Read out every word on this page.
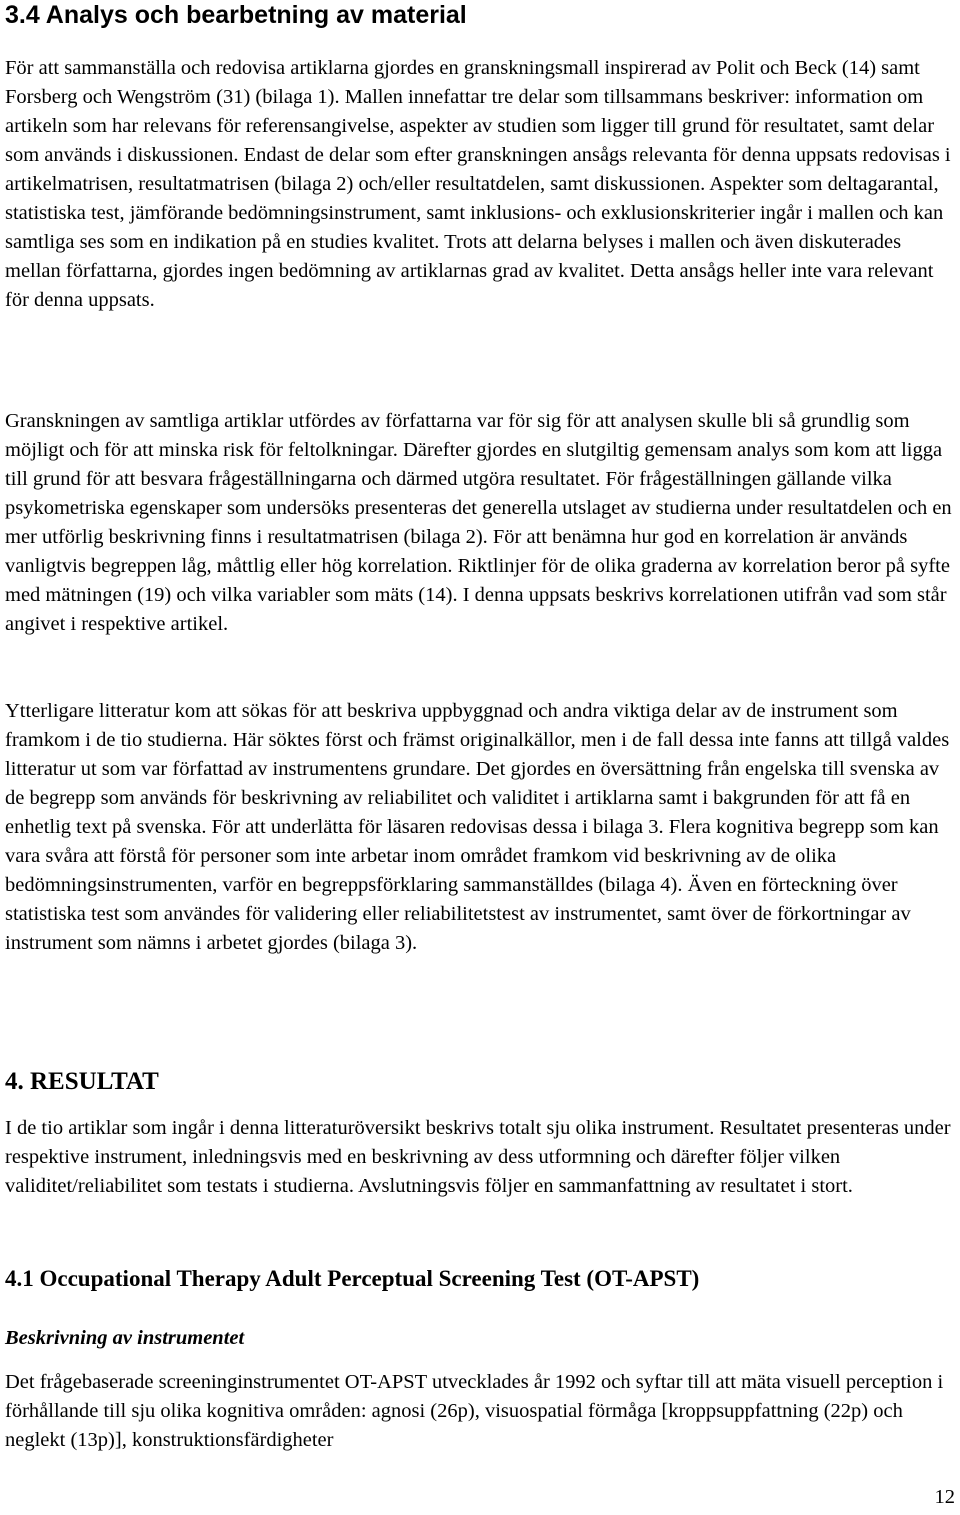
3.4 Analys och bearbetning av material

För att sammanställa och redovisa artiklarna gjordes en granskningsmall inspirerad av Polit och Beck (14) samt Forsberg och Wengström (31) (bilaga 1). Mallen innefattar tre delar som tillsammans beskriver: information om artikeln som har relevans för referensangivelse, aspekter av studien som ligger till grund för resultatet, samt delar som används i diskussionen. Endast de delar som efter granskningen ansågs relevanta för denna uppsats redovisas i artikelmatrisen, resultatmatrisen (bilaga 2) och/eller resultatdelen, samt diskussionen. Aspekter som deltagarantal, statistiska test, jämförande bedömningsinstrument, samt inklusions- och exklusionskriterier ingår i mallen och kan samtliga ses som en indikation på en studies kvalitet. Trots att delarna belyses i mallen och även diskuterades mellan författarna, gjordes ingen bedömning av artiklarnas grad av kvalitet. Detta ansågs heller inte vara relevant för denna uppsats.

Granskningen av samtliga artiklar utfördes av författarna var för sig för att analysen skulle bli så grundlig som möjligt och för att minska risk för feltolkningar. Därefter gjordes en slutgiltig gemensam analys som kom att ligga till grund för att besvara frågeställningarna och därmed utgöra resultatet. För frågeställningen gällande vilka psykometriska egenskaper som undersöks presenteras det generella utslaget av studierna under resultatdelen och en mer utförlig beskrivning finns i resultatmatrisen (bilaga 2). För att benämna hur god en korrelation är används vanligtvis begreppen låg, måttlig eller hög korrelation. Riktlinjer för de olika graderna av korrelation beror på syfte med mätningen (19) och vilka variabler som mäts (14). I denna uppsats beskrivs korrelationen utifrån vad som står angivet i respektive artikel.

Ytterligare litteratur kom att sökas för att beskriva uppbyggnad och andra viktiga delar av de instrument som framkom i de tio studierna. Här söktes först och främst originalkällor, men i de fall dessa inte fanns att tillgå valdes litteratur ut som var författad av instrumentens grundare. Det gjordes en översättning från engelska till svenska av de begrepp som används för beskrivning av reliabilitet och validitet i artiklarna samt i bakgrunden för att få en enhetlig text på svenska. För att underlätta för läsaren redovisas dessa i bilaga 3. Flera kognitiva begrepp som kan vara svåra att förstå för personer som inte arbetar inom området framkom vid beskrivning av de olika bedömningsinstrumenten, varför en begreppsförklaring sammanställdes (bilaga 4). Även en förteckning över statistiska test som användes för validering eller reliabilitetstest av instrumentet, samt över de förkortningar av instrument som nämns i arbetet gjordes (bilaga 3).

4. RESULTAT

I de tio artiklar som ingår i denna litteraturöversikt beskrivs totalt sju olika instrument. Resultatet presenteras under respektive instrument, inledningsvis med en beskrivning av dess utformning och därefter följer vilken validitet/reliabilitet som testats i studierna. Avslutningsvis följer en sammanfattning av resultatet i stort.

4.1 Occupational Therapy Adult Perceptual Screening Test (OT-APST)
Beskrivning av instrumentet

Det frågebaserade screeninginstrumentet OT-APST utvecklades år 1992 och syftar till att mäta visuell perception i förhållande till sju olika kognitiva områden: agnosi (26p), visuospatial förmåga [kroppsuppfattning (22p) och neglekt (13p)], konstruktionsfärdigheter

12
